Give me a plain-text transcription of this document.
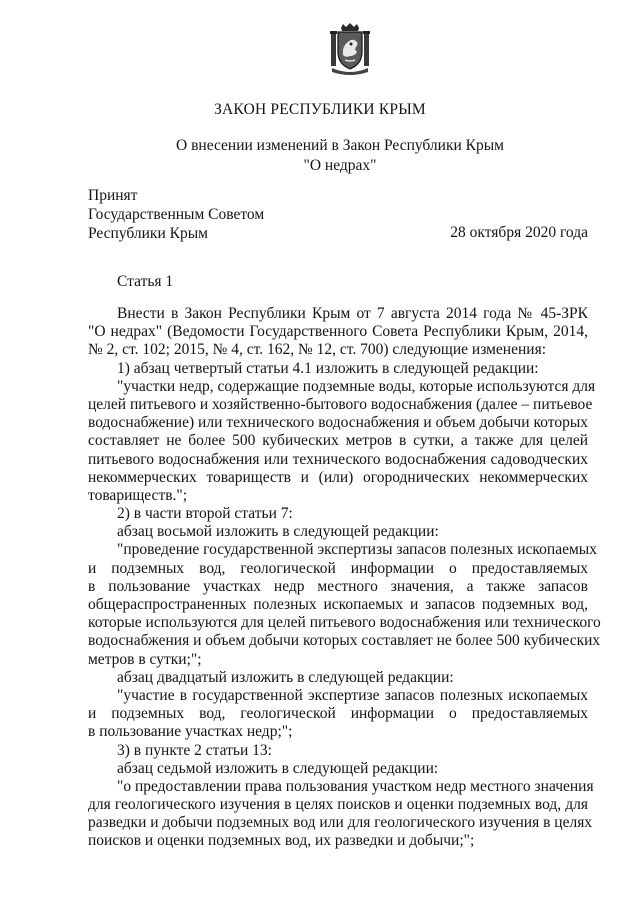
ЗАКОН РЕСПУБЛИКИ КРЫМ
О внесении изменений в Закон Республики Крым
"О недрах"
Принят
Государственным Советом
Республики Крым	28 октября 2020 года
Статья 1
Внести в Закон Республики Крым от 7 августа 2014 года № 45-ЗРК
"О недрах" (Ведомости Государственного Совета Республики Крым, 2014,
№ 2, ст. 102; 2015, № 4, ст. 162, № 12, ст. 700) следующие изменения:
1) абзац четвертый статьи 4.1 изложить в следующей редакции:
"участки недр, содержащие подземные воды, которые используются для
целей питьевого и хозяйственно-бытового водоснабжения (далее – питьевое
водоснабжение) или технического водоснабжения и объем добычи которых
составляет не более 500 кубических метров в сутки, а также для целей
питьевого водоснабжения или технического водоснабжения садоводческих
некоммерческих товариществ и (или) огороднических некоммерческих
товариществ.";
2) в части второй статьи 7:
абзац восьмой изложить в следующей редакции:
"проведение государственной экспертизы запасов полезных ископаемых
и подземных вод, геологической информации о предоставляемых
в пользование участках недр местного значения, а также запасов
общераспространенных полезных ископаемых и запасов подземных вод,
которые используются для целей питьевого водоснабжения или технического
водоснабжения и объем добычи которых составляет не более 500 кубических
метров в сутки;";
абзац двадцатый изложить в следующей редакции:
"участие в государственной экспертизе запасов полезных ископаемых
и подземных вод, геологической информации о предоставляемых
в пользование участках недр;";
3) в пункте 2 статьи 13:
абзац седьмой изложить в следующей редакции:
"о предоставлении права пользования участком недр местного значения
для геологического изучения в целях поисков и оценки подземных вод, для
разведки и добычи подземных вод или для геологического изучения в целях
поисков и оценки подземных вод, их разведки и добычи;";
